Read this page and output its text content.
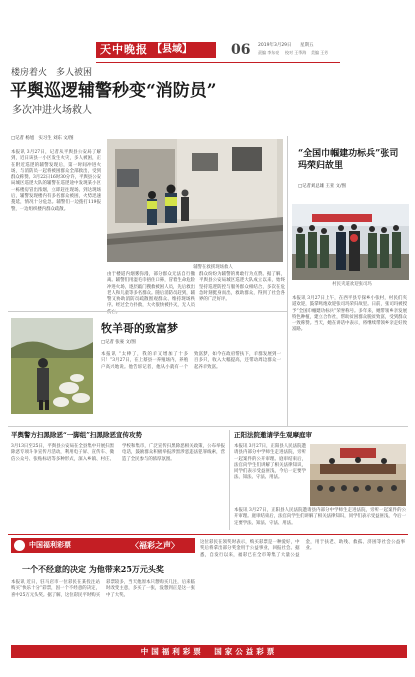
天中晚报 【县域】	06 2019年3月29日 星期五
责编 李东亮 校对 王季海 美编 王芳
楼房着火　多人被困
平舆巡逻辅警秒变“消防员”
多次冲进火场救人
□记者 杨旭　实习生 刘东 文/图
本报讯 3月27日，记者从平舆县公安局了解到，近日该县一小区发生火灾，多人被困，正在附近巡逻的辅警发现后，第一时间冲进火场，与消防员一起将被困群众全部救出，受到群众称赞。3月22日16时30分许，平舆县公安局城区巡逻大队的辅警在巡逻途中发现某小区一栋楼房冒出浓烟，立即赶往现场。到达现场后，辅警发现楼内有多名群众被困，火势迅速蔓延，情况十分危急。辅警们一边拨打119报警，一边组织楼内群众疏散。
辅警在救援现场救人
由于楼道内烟雾弥漫，部分群众无法自行撤离。辅警们用湿毛巾捂住口鼻，冒着生命危险冲进火场，逐层敲门搜救被困人员，先后救出老人和儿童等多名群众。随后消防员赶到，辅警又协助消防员疏散围观群众、维持现场秩序。经过全力扑救，大火很快被扑灭，无人员伤亡。
群众纷纷为辅警的勇敢行为点赞。据了解，平舆县公安局城区巡逻大队成立以来，始终坚持巡逻防控与服务群众相结合，多次在危急时刻挺身而出，救助群众，得到了社会各界的广泛好评。
“全国巾帼建功标兵”张司玛荣归故里
□记者刘总雄 王亚 文/图
村民夹道欢迎张司玛
本报讯 3月27日上午，在西平县专探乡小张村，村民们夹道欢迎，鼓掌鸣炮欢迎张司玛荣归故里。日前，张司玛被授予“全国巾帼建功标兵”荣誉称号。多年来，她带领乡亲发展特色种植，建立合作社，帮助贫困群众脱贫致富，受到群众一致称赞。当天，她在讲话中表示，将继续带领乡亲走好致富路。
牧羊哥的致富梦
□记者 张豪 文/图
本报讯 “太棒了，我的羊又增加了十多只！”3月27日，在上蔡县一养殖场内，养殖户高兴地说。他告诉记者，他从小就有一个致富梦，如今在政府帮扶下，羊群发展到一百多只，收入大幅提高，还带动周边群众一起养羊致富。
平舆警方扫黑除恶“一脚组”扫黑除恶宣传攻势
3月13日至25日，平舆县公安局在全县集中开展扫黑除恶专项斗争宣传月活动，利用电子屏、宣传车、微信公众号、张贴标语等多种形式，深入乡镇、村庄、学校和集市，广泛宣传扫黑除恶相关政策，公布举报电话，鼓励群众积极举报涉黑涉恶违法犯罪线索，营造了全民参与的浓厚氛围。
正阳法院邀请学生观摩庭审
本报讯 3月27日，正阳县人民法院邀请县内部分中学师生走进法院，旁听一起案件的公开审理。庭审结束后，法官向学生们讲解了相关法律知识，同学们表示受益匪浅，今后一定要学法、知法、守法、用法。
本报讯 3月27日，正阳县人民法院邀请县内部分中学师生走进法院，旁听一起案件的公开审理。庭审结束后，法官向学生们讲解了相关法律知识，同学们表示受益匪浅，今后一定要学法、知法、守法、用法。
中国福利彩票	〈福彩之声〉
一个不经意的决定 为他带来25万元头奖
本报讯 近日，驻马店市一位彩民在某投注站购买“快乐十分”彩票，因一个不经意的决定，喜中25万元头奖。据了解，这位彩民平时购买彩票较多，当天他原本只想购买几注，后来临时改变主意，多买了一张，没想到正是这一张中了大奖。
这位彩民在领奖时表示，购买彩票是一种爱好，中奖后将拿出部分奖金用于公益事业，回报社会。据悉，自发行以来，福彩已在全市筹集了大量公益金，用于扶老、助残、救孤、济困等社会公益事业。
中国福利彩票　国家公益彩票
